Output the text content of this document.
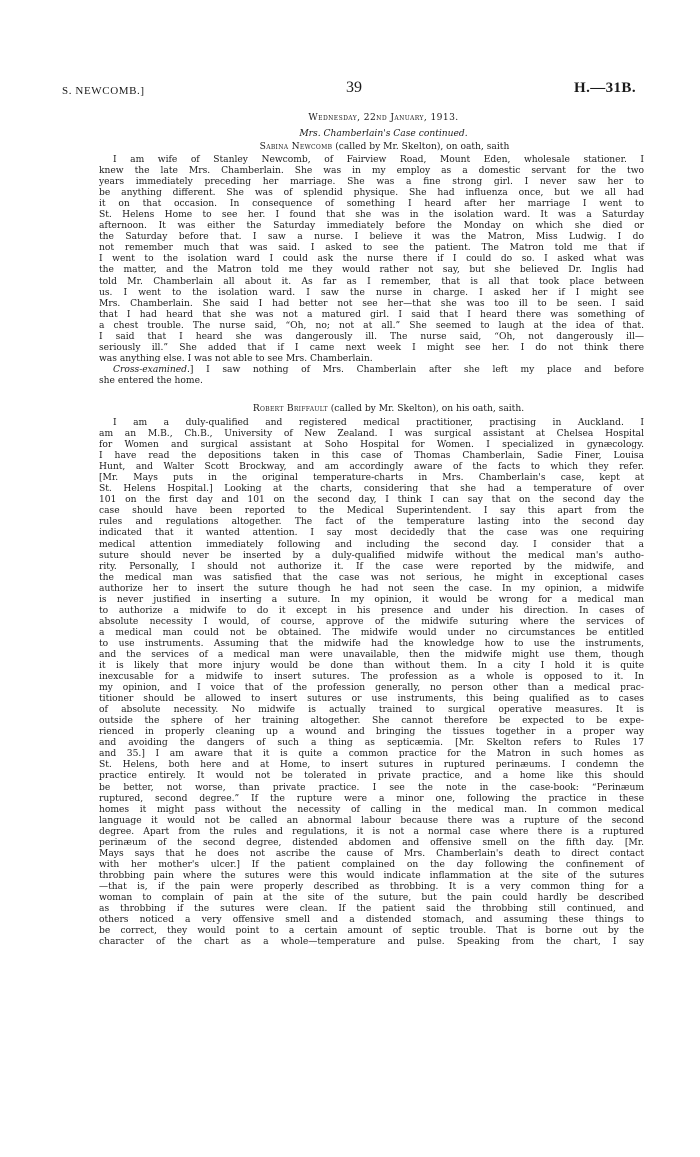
S. NEWCOMB.]	39	H.—31B.
Wednesday, 22nd January, 1913.
Mrs. Chamberlain's Case continued.
Sabina Newcomb (called by Mr. Skelton), on oath, saith

I am wife of Stanley Newcomb, of Fairview Road, Mount Eden, wholesale stationer. I

knew the late Mrs. Chamberlain. She was in my employ as a domestic servant for the two

years immediately preceding her marriage. She was a fine strong girl. I never saw her to

be anything different. She was of splendid physique. She had influenza once, but we all had

it on that occasion. In consequence of something I heard after her marriage I went to

St. Helens Home to see her. I found that she was in the isolation ward. It was a Saturday

afternoon. It was either the Saturday immediately before the Monday on which she died or

the Saturday before that. I saw a nurse. I believe it was the Matron, Miss Ludwig. I do

not remember much that was said. I asked to see the patient. The Matron told me that if

I went to the isolation ward I could ask the nurse there if I could do so. I asked what was

the matter, and the Matron told me they would rather not say, but she believed Dr. Inglis had

told Mr. Chamberlain all about it. As far as I remember, that is all that took place between

us. I went to the isolation ward. I saw the nurse in charge. I asked her if I might see

Mrs. Chamberlain. She said I had better not see her—that she was too ill to be seen. I said

that I had heard that she was not a matured girl. I said that I heard there was something of

a chest trouble. The nurse said, “Oh, no; not at all.” She seemed to laugh at the idea of that.

I said that I heard she was dangerously ill. The nurse said, “Oh, not dangerously ill—

seriously ill.” She added that if I came next week I might see her. I do not think there

was anything else. I was not able to see Mrs. Chamberlain.

Cross-examined.] I saw nothing of Mrs. Chamberlain after she left my place and before

she entered the home.

Robert Briffault (called by Mr. Skelton), on his oath, saith.

I am a duly-qualified and registered medical practitioner, practising in Auckland. I

am an M.B., Ch.B., University of New Zealand. I was surgical assistant at Chelsea Hospital

for Women and surgical assistant at Soho Hospital for Women. I specialized in gynæcology.

I have read the depositions taken in this case of Thomas Chamberlain, Sadie Finer, Louisa

Hunt, and Walter Scott Brockway, and am accordingly aware of the facts to which they refer.

[Mr. Mays puts in the original temperature-charts in Mrs. Chamberlain's case, kept at

St. Helens Hospital.] Looking at the charts, considering that she had a temperature of over

101 on the first day and 101 on the second day, I think I can say that on the second day the

case should have been reported to the Medical Superintendent. I say this apart from the

rules and regulations altogether. The fact of the temperature lasting into the second day

indicated that it wanted attention. I say most decidedly that the case was one requiring

medical attention immediately following and including the second day. I consider that a

suture should never be inserted by a duly-qualified midwife without the medical man's autho-

rity. Personally, I should not authorize it. If the case were reported by the midwife, and

the medical man was satisfied that the case was not serious, he might in exceptional cases

authorize her to insert the suture though he had not seen the case. In my opinion, a midwife

is never justified in inserting a suture. In my opinion, it would be wrong for a medical man

to authorize a midwife to do it except in his presence and under his direction. In cases of

absolute necessity I would, of course, approve of the midwife suturing where the services of

a medical man could not be obtained. The midwife would under no circumstances be entitled

to use instruments. Assuming that the midwife had the knowledge how to use the instruments,

and the services of a medical man were unavailable, then the midwife might use them, though

it is likely that more injury would be done than without them. In a city I hold it is quite

inexcusable for a midwife to insert sutures. The profession as a whole is opposed to it. In

my opinion, and I voice that of the profession generally, no person other than a medical prac-

titioner should be allowed to insert sutures or use instruments, this being qualified as to cases

of absolute necessity. No midwife is actually trained to surgical operative measures. It is

outside the sphere of her training altogether. She cannot therefore be expected to be expe-

rienced in properly cleaning up a wound and bringing the tissues together in a proper way

and avoiding the dangers of such a thing as septicæmia. [Mr. Skelton refers to Rules 17

and 35.] I am aware that it is quite a common practice for the Matron in such homes as

St. Helens, both here and at Home, to insert sutures in ruptured perinæums. I condemn the

practice entirely. It would not be tolerated in private practice, and a home like this should

be better, not worse, than private practice. I see the note in the case-book: “Perinæum

ruptured, second degree.” If the rupture were a minor one, following the practice in these

homes it might pass without the necessity of calling in the medical man. In common medical

language it would not be called an abnormal labour because there was a rupture of the second

degree. Apart from the rules and regulations, it is not a normal case where there is a ruptured

perinæum of the second degree, distended abdomen and offensive smell on the fifth day. [Mr.

Mays says that he does not ascribe the cause of Mrs. Chamberlain's death to direct contact

with her mother's ulcer.] If the patient complained on the day following the confinement of

throbbing pain where the sutures were this would indicate inflammation at the site of the sutures

—that is, if the pain were properly described as throbbing. It is a very common thing for a

woman to complain of pain at the site of the suture, but the pain could hardly be described

as throbbing if the sutures were clean. If the patient said the throbbing still continued, and

others noticed a very offensive smell and a distended stomach, and assuming these things to

be correct, they would point to a certain amount of septic trouble. That is borne out by the

character of the chart as a whole—temperature and pulse. Speaking from the chart, I say
